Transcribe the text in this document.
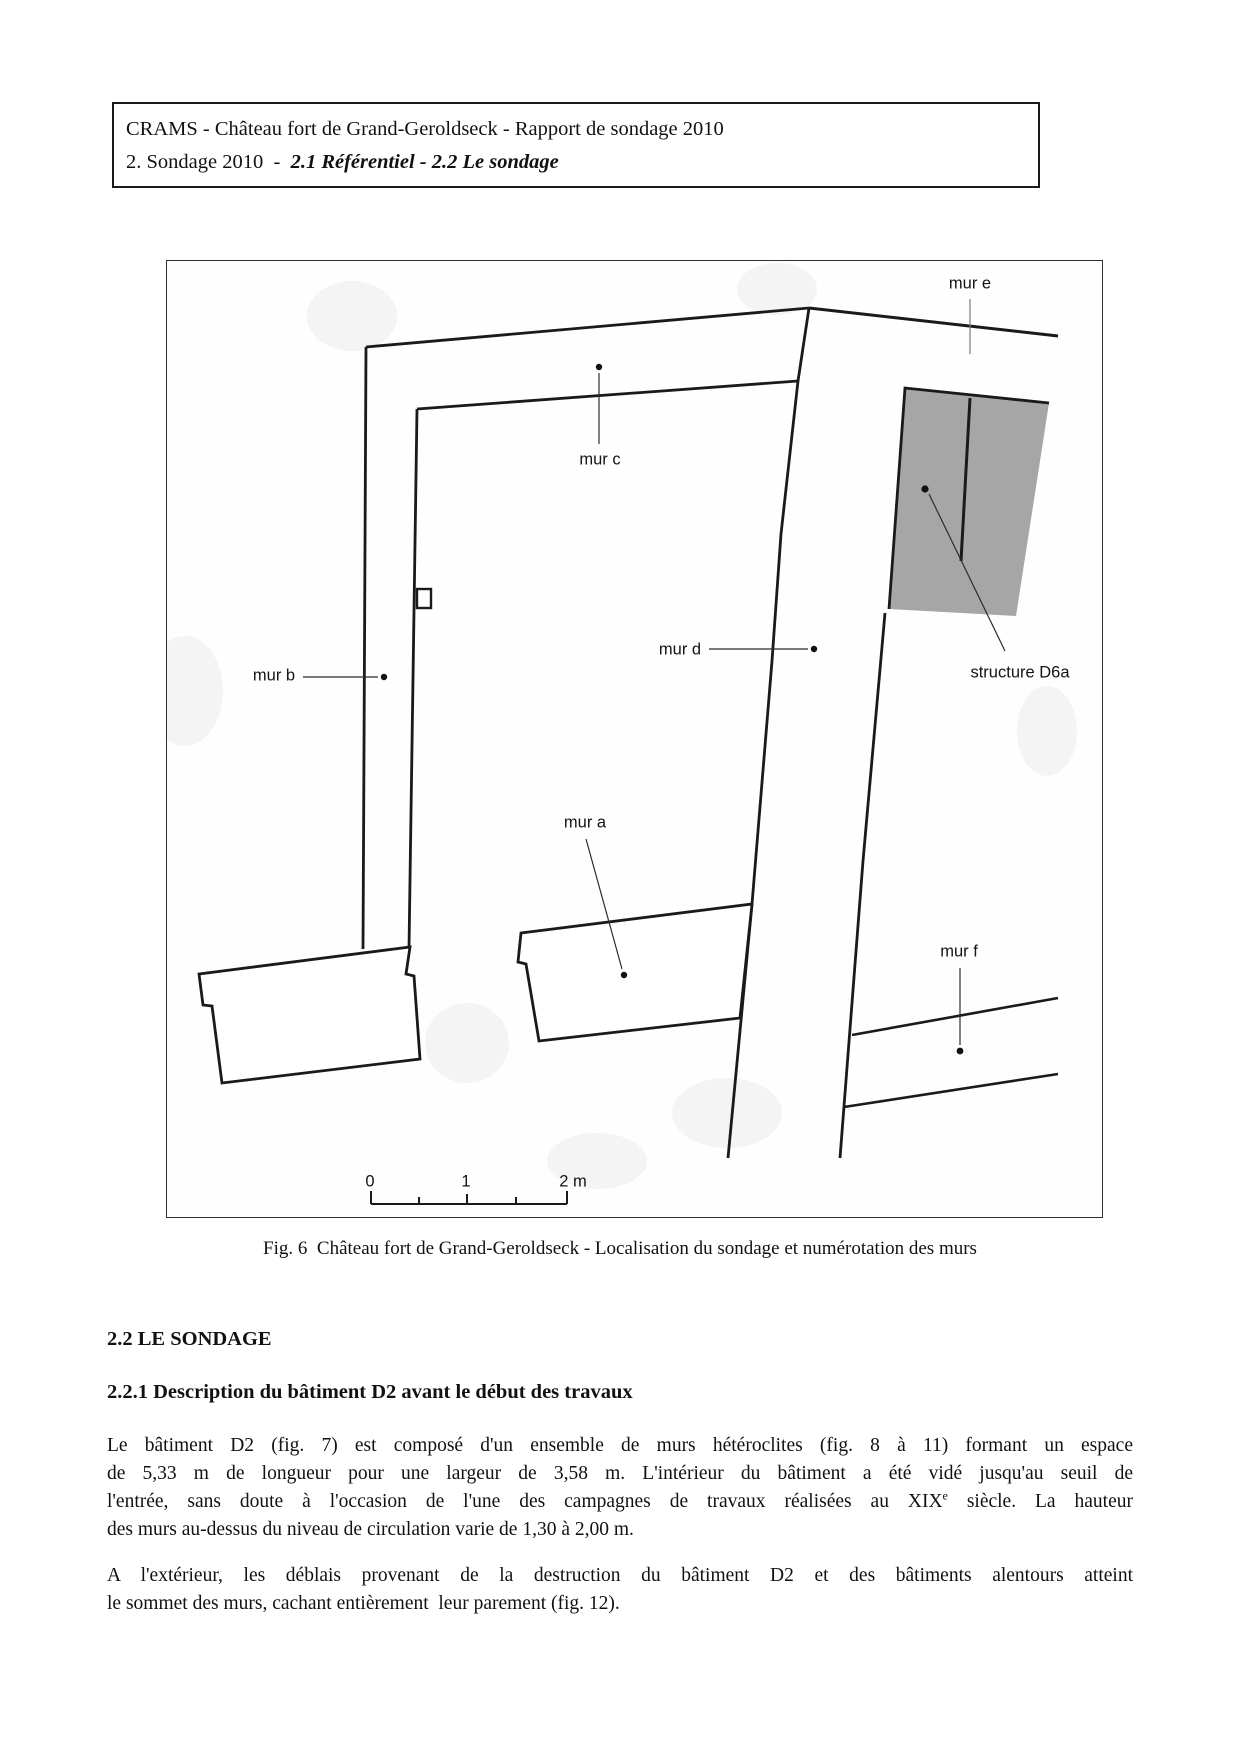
CRAMS - Château fort de Grand-Geroldseck - Rapport de sondage 2010
2. Sondage 2010  -  2.1 Référentiel - 2.2 Le sondage
mur e
mur c
mur b
mur d
mur a
mur f
structure D6a
0	1	2 m
Fig. 6  Château fort de Grand-Geroldseck - Localisation du sondage et numérotation des murs
2.2 LE SONDAGE
2.2.1 Description du bâtiment D2 avant le début des travaux
Le bâtiment D2 (fig. 7) est composé d'un ensemble de murs hétéroclites (fig. 8 à 11) formant un espace
de 5,33 m de longueur pour une largeur de 3,58 m. L'intérieur du bâtiment a été vidé jusqu'au seuil de
l'entrée, sans doute à l'occasion de l'une des campagnes de travaux réalisées au XIXe siècle. La hauteur
des murs au-dessus du niveau de circulation varie de 1,30 à 2,00 m.
A l'extérieur, les déblais provenant de la destruction du bâtiment D2 et des bâtiments alentours atteint
le sommet des murs, cachant entièrement  leur parement (fig. 12).
